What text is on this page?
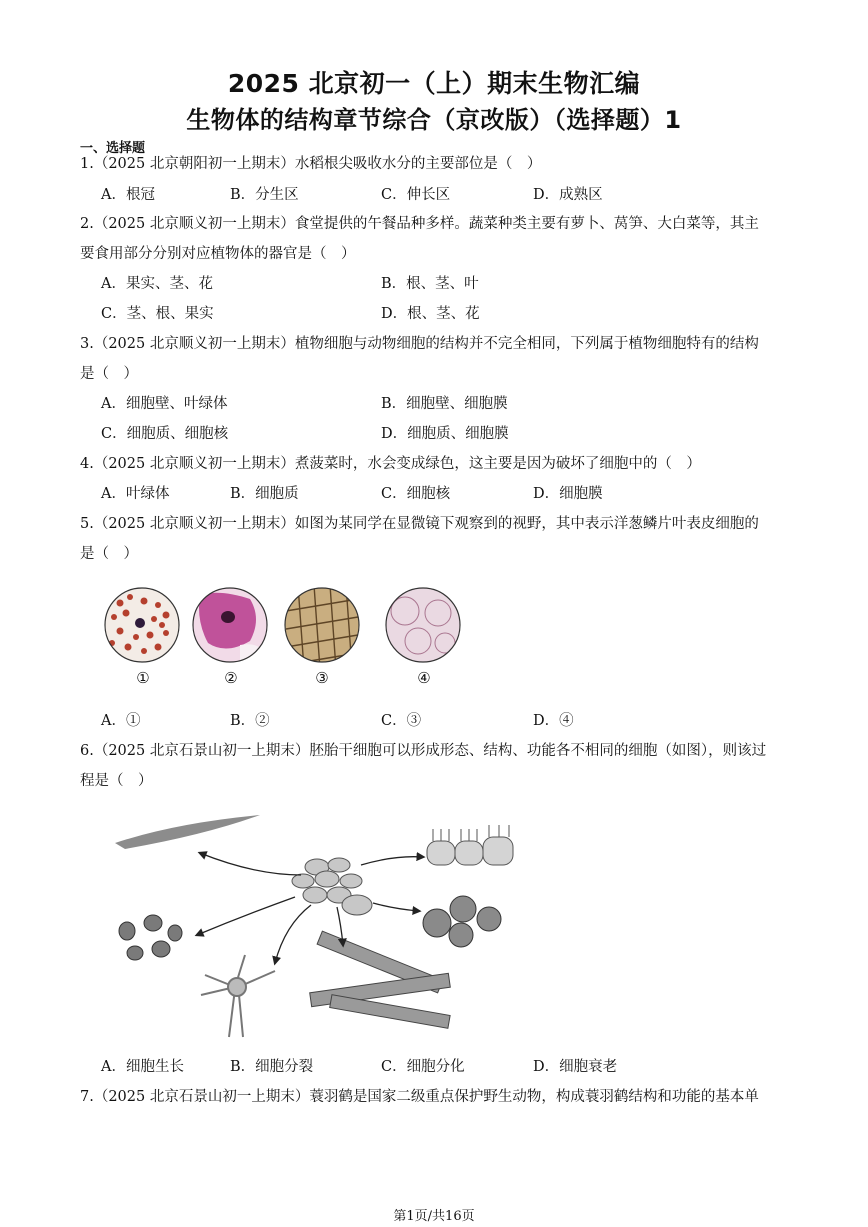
2025 北京初一（上）期末生物汇编
生物体的结构章节综合（京改版）（选择题）1
一、选择题
1.（2025 北京朝阳初一上期末）水稻根尖吸收水分的主要部位是（　）
A．根冠	B．分生区	C．伸长区	D．成熟区
2.（2025 北京顺义初一上期末）食堂提供的午餐品种多样。蔬菜种类主要有萝卜、莴笋、大白菜等，其主
要食用部分分别对应植物体的器官是（　）
A．果实、茎、花	B．根、茎、叶
C．茎、根、果实	D．根、茎、花
3.（2025 北京顺义初一上期末）植物细胞与动物细胞的结构并不完全相同，下列属于植物细胞特有的结构
是（　）
A．细胞壁、叶绿体	B．细胞壁、细胞膜
C．细胞质、细胞核	D．细胞质、细胞膜
4.（2025 北京顺义初一上期末）煮菠菜时，水会变成绿色，这主要是因为破坏了细胞中的（　）
A．叶绿体	B．细胞质	C．细胞核	D．细胞膜
5.（2025 北京顺义初一上期末）如图为某同学在显微镜下观察到的视野，其中表示洋葱鳞片叶表皮细胞的
是（　）
①	②	③	④
A．①	B．②	C．③	D．④
6.（2025 北京石景山初一上期末）胚胎干细胞可以形成形态、结构、功能各不相同的细胞（如图），则该过
程是（　）
A．细胞生长	B．细胞分裂	C．细胞分化	D．细胞衰老
7.（2025 北京石景山初一上期末）蓑羽鹤是国家二级重点保护野生动物，构成蓑羽鹤结构和功能的基本单
第1页/共16页
